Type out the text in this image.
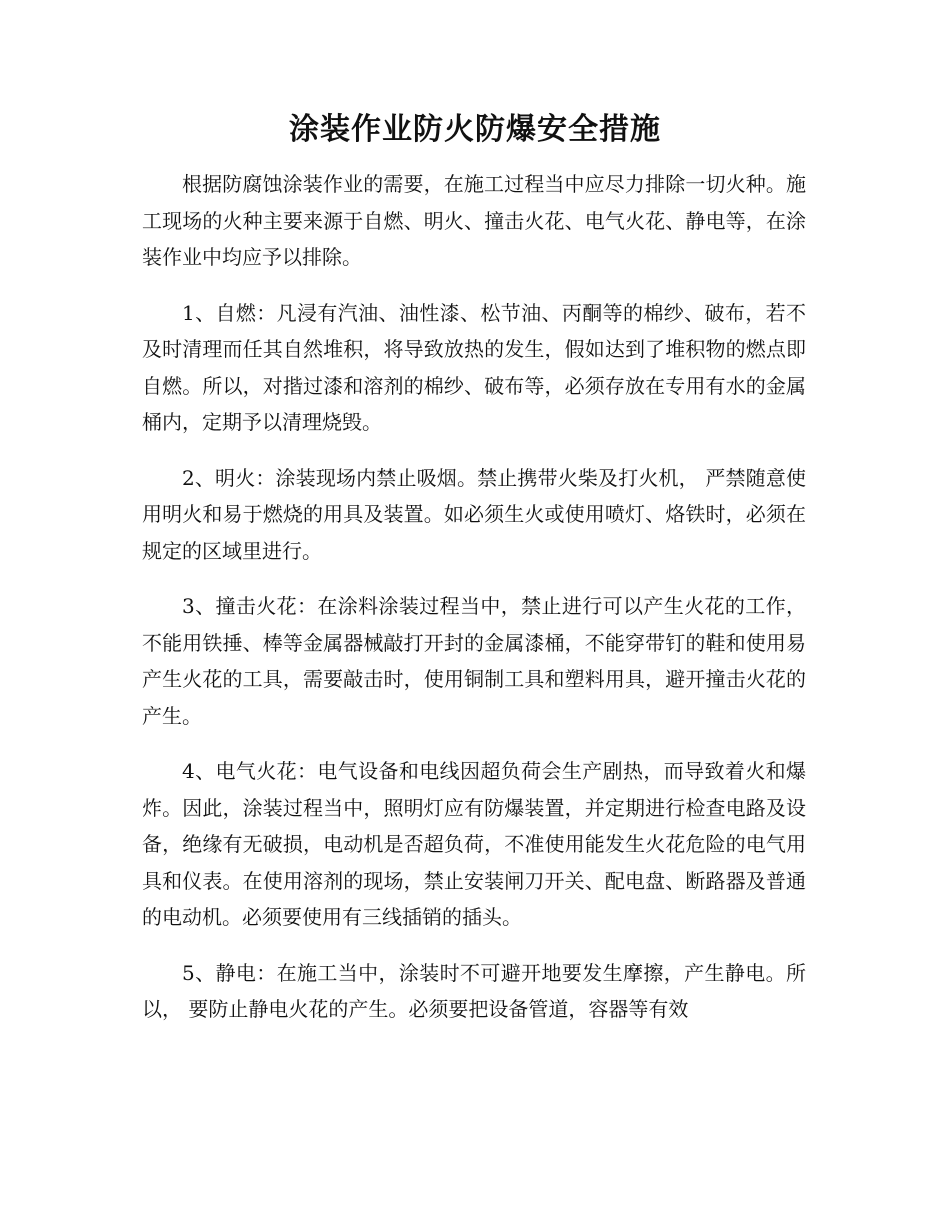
涂装作业防火防爆安全措施

根据防腐蚀涂装作业的需要，在施工过程当中应尽力排除一切火种。施工现场的火种主要来源于自燃、明火、撞击火花、电气火花、静电等，在涂装作业中均应予以排除。

1、自燃：凡浸有汽油、油性漆、松节油、丙酮等的棉纱、破布，若不及时清理而任其自然堆积，将导致放热的发生，假如达到了堆积物的燃点即自燃。所以，对揩过漆和溶剂的棉纱、破布等，必须存放在专用有水的金属桶内，定期予以清理烧毁。

2、明火：涂装现场内禁止吸烟。禁止携带火柴及打火机， 严禁随意使用明火和易于燃烧的用具及装置。如必须生火或使用喷灯、烙铁时，必须在规定的区域里进行。

3、撞击火花：在涂料涂装过程当中，禁止进行可以产生火花的工作，不能用铁捶、棒等金属器械敲打开封的金属漆桶，不能穿带钉的鞋和使用易产生火花的工具，需要敲击时，使用铜制工具和塑料用具，避开撞击火花的产生。

4、电气火花：电气设备和电线因超负荷会生产剧热，而导致着火和爆炸。因此，涂装过程当中，照明灯应有防爆装置，并定期进行检查电路及设备，绝缘有无破损，电动机是否超负荷，不准使用能发生火花危险的电气用具和仪表。在使用溶剂的现场，禁止安装闸刀开关、配电盘、断路器及普通的电动机。必须要使用有三线插销的插头。

5、静电：在施工当中，涂装时不可避开地要发生摩擦，产生静电。所以， 要防止静电火花的产生。必须要把设备管道，容器等有效
